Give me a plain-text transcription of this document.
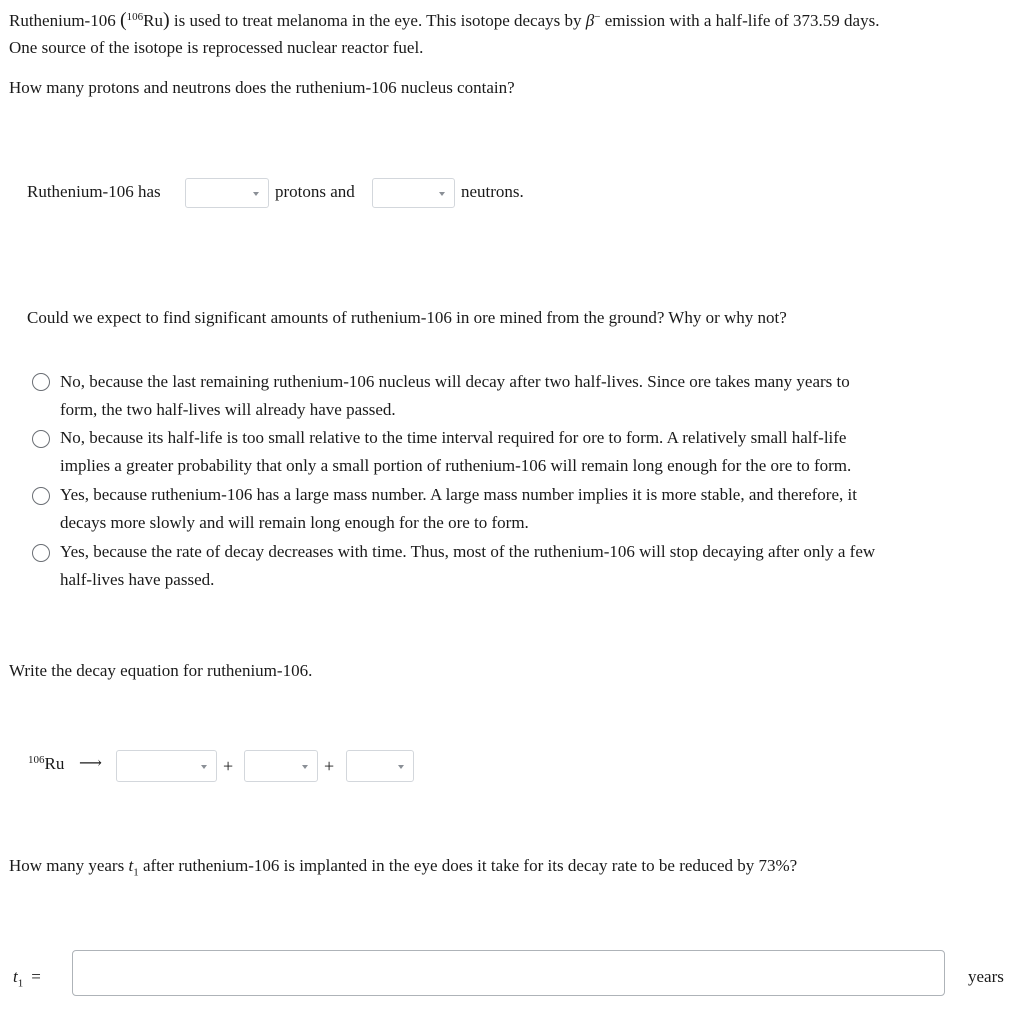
Ruthenium-106 ($^{106}$Ru) is used to treat melanoma in the eye. This isotope decays by β− emission with a half-life of 373.59 days.
One source of the isotope is reprocessed nuclear reactor fuel.
How many protons and neutrons does the ruthenium-106 nucleus contain?
Ruthenium-106 has	protons and	neutrons.
Could we expect to find significant amounts of ruthenium-106 in ore mined from the ground? Why or why not?
No, because the last remaining ruthenium-106 nucleus will decay after two half-lives. Since ore takes many years to
form, the two half-lives will already have passed.
No, because its half-life is too small relative to the time interval required for ore to form. A relatively small half-life
implies a greater probability that only a small portion of ruthenium-106 will remain long enough for the ore to form.
Yes, because ruthenium-106 has a large mass number. A large mass number implies it is more stable, and therefore, it
decays more slowly and will remain long enough for the ore to form.
Yes, because the rate of decay decreases with time. Thus, most of the ruthenium-106 will stop decaying after only a few
half-lives have passed.
Write the decay equation for ruthenium-106.
$^{106}$Ru ⟶	+	+
How many years $t_1$ after ruthenium-106 is implanted in the eye does it take for its decay rate to be reduced by 73%?
$t_1$ =	years
